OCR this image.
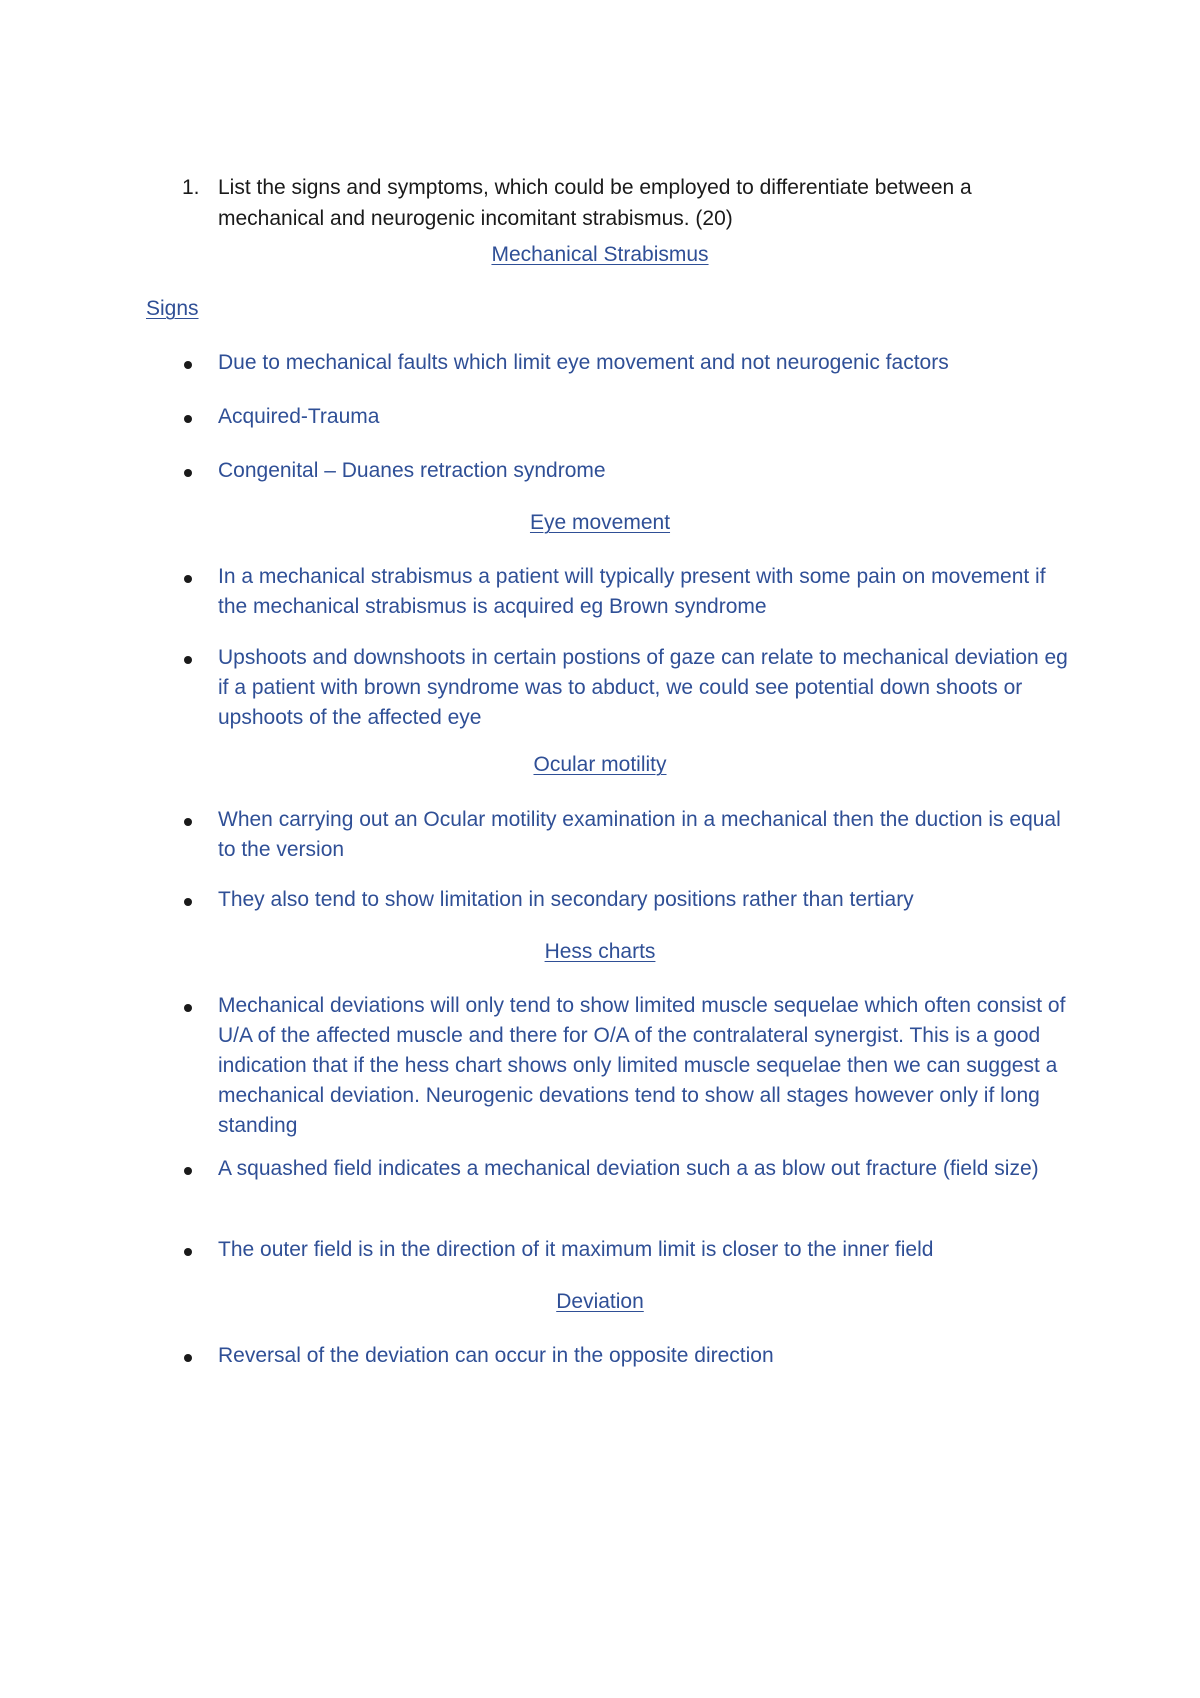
1. List the signs and symptoms, which could be employed to differentiate between a mechanical and neurogenic incomitant strabismus. (20)
Mechanical Strabismus
Signs
Due to mechanical faults which limit eye movement and not neurogenic factors
Acquired-Trauma
Congenital – Duanes retraction syndrome
Eye movement
In a mechanical strabismus a patient will typically present with some pain on movement if the mechanical strabismus is acquired eg Brown syndrome
Upshoots and downshoots in certain postions of gaze can relate to mechanical deviation eg if a patient with brown syndrome was to abduct, we could see potential down shoots or upshoots of the affected eye
Ocular motility
When carrying out an Ocular motility examination in a mechanical then the duction is equal to the version
They also tend to show limitation in secondary positions rather than tertiary
Hess charts
Mechanical deviations will only tend to show limited muscle sequelae which often consist of U/A of the affected muscle and there for O/A of the contralateral synergist. This is a good indication that if the hess chart shows only limited muscle sequelae then we can suggest a mechanical deviation. Neurogenic devations tend to show all stages however only if long standing
A squashed field indicates a mechanical deviation such a as blow out fracture (field size)
The outer field is in the direction of it maximum limit is closer to the inner field
Deviation
Reversal of the deviation can occur in the opposite direction
